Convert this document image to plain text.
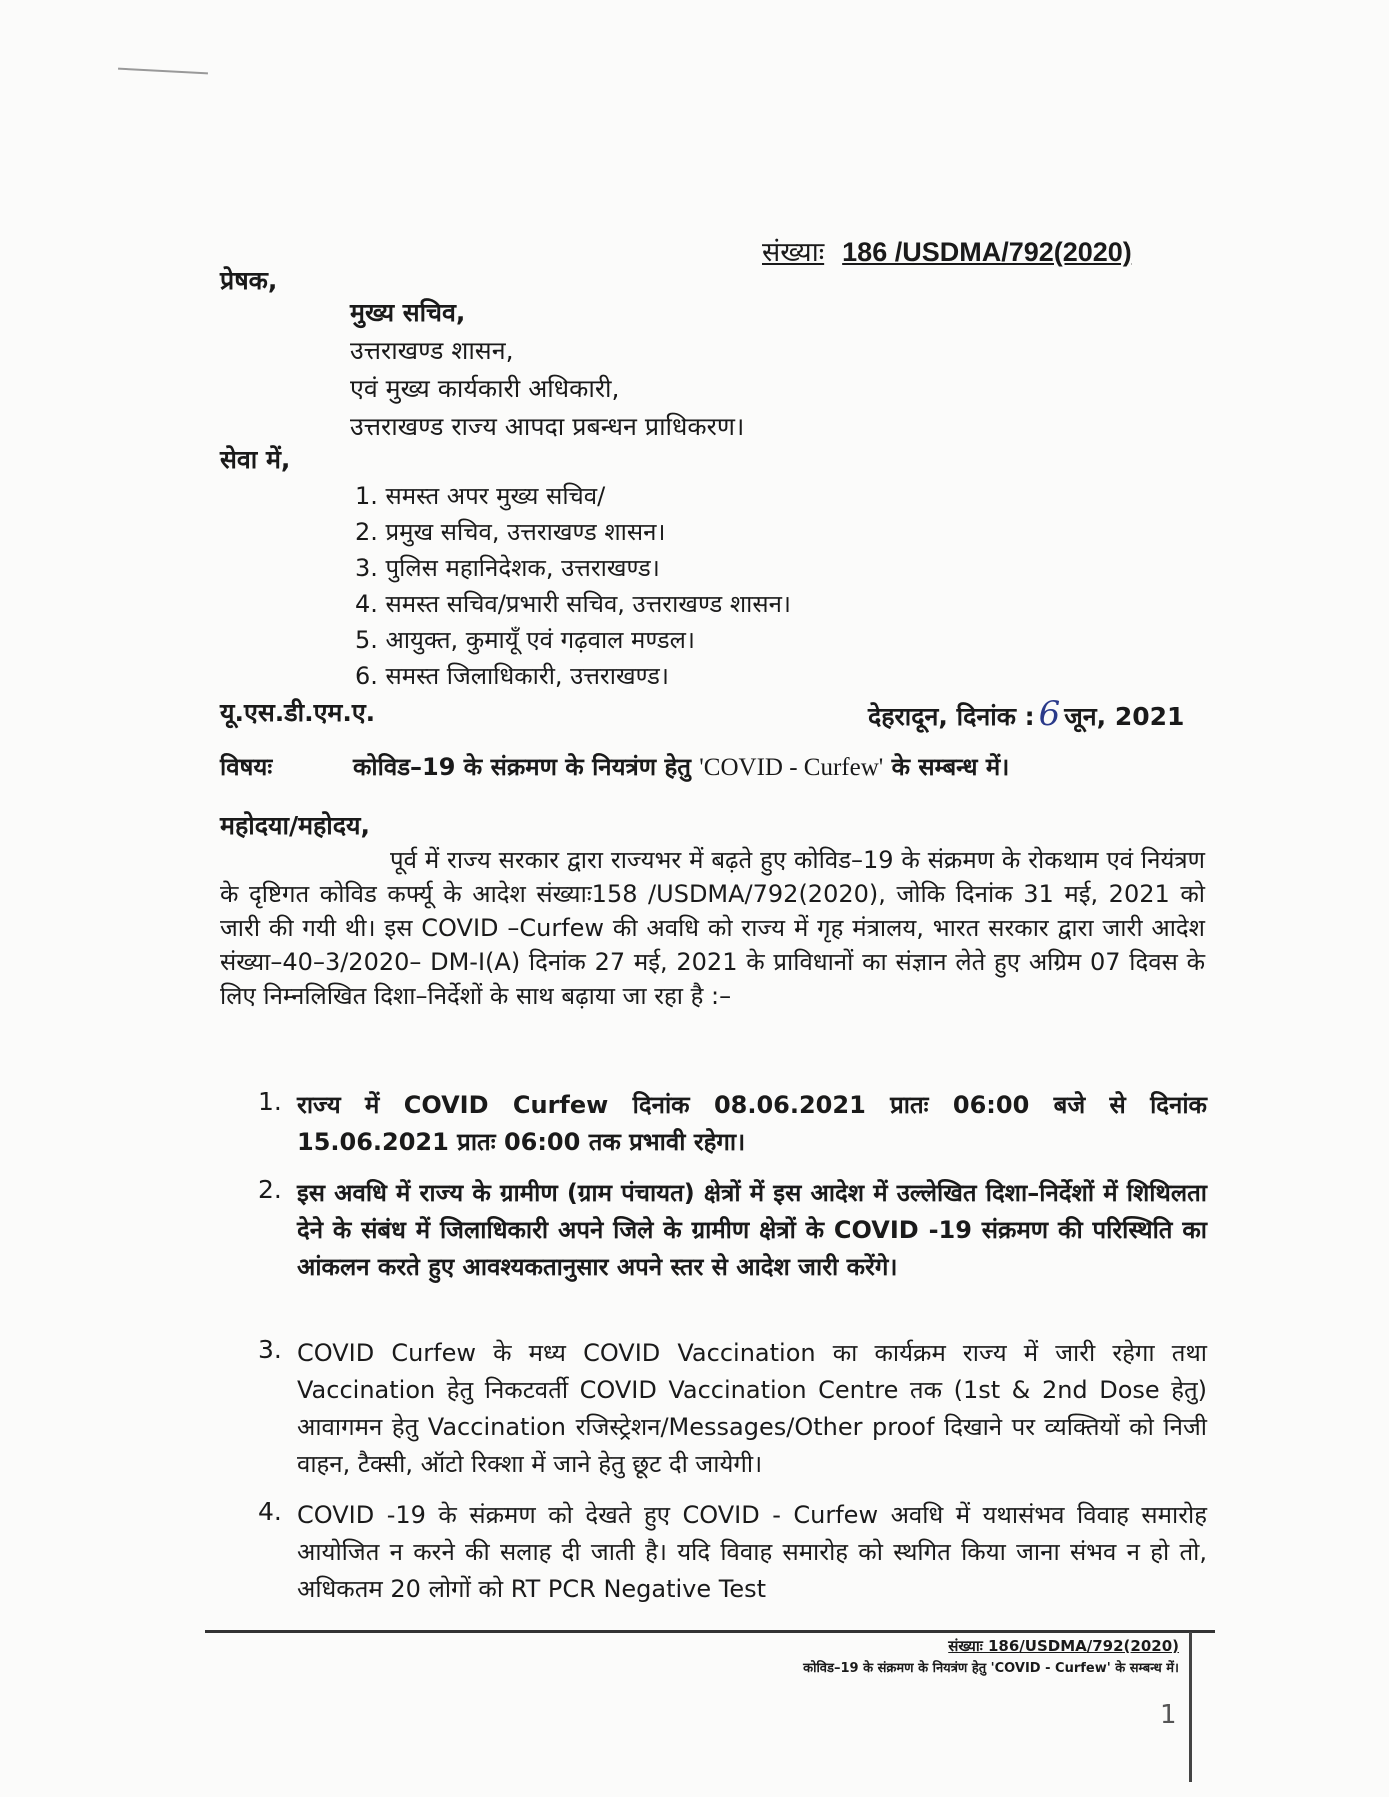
संख्याः 186 /USDMA/792(2020)
प्रेषक,
मुख्य सचिव,
उत्तराखण्ड शासन,
एवं मुख्य कार्यकारी अधिकारी,
उत्तराखण्ड राज्य आपदा प्रबन्धन प्राधिकरण।
सेवा में,
1. समस्त अपर मुख्य सचिव/
2. प्रमुख सचिव, उत्तराखण्ड शासन।
3. पुलिस महानिदेशक, उत्तराखण्ड।
4. समस्त सचिव/प्रभारी सचिव, उत्तराखण्ड शासन।
5. आयुक्त, कुमायूँ एवं गढ़वाल मण्डल।
6. समस्त जिलाधिकारी, उत्तराखण्ड।
यू.एस.डी.एम.ए.	देहरादून, दिनांक : 6 जून, 2021
विषयः	कोविड–19 के संक्रमण के नियत्रंण हेतु 'COVID - Curfew' के सम्बन्ध में।
महोदया/महोदय,
पूर्व में राज्य सरकार द्वारा राज्यभर में बढ़ते हुए कोविड–19 के संक्रमण के रोकथाम एवं नियंत्रण के दृष्टिगत कोविड कर्फ्यू के आदेश संख्याः158 /USDMA/792(2020), जोकि दिनांक 31 मई, 2021 को जारी की गयी थी। इस COVID –Curfew की अवधि को राज्य में गृह मंत्रालय, भारत सरकार द्वारा जारी आदेश संख्या–40–3/2020– DM-I(A) दिनांक 27 मई, 2021 के प्राविधानों का संज्ञान लेते हुए अग्रिम 07 दिवस के लिए निम्नलिखित दिशा–निर्देशों के साथ बढ़ाया जा रहा है :–
1. राज्य में COVID Curfew दिनांक 08.06.2021 प्रातः 06:00 बजे से दिनांक 15.06.2021 प्रातः 06:00 तक प्रभावी रहेगा।
2. इस अवधि में राज्य के ग्रामीण (ग्राम पंचायत) क्षेत्रों में इस आदेश में उल्लेखित दिशा–निर्देशों में शिथिलता देने के संबंध में जिलाधिकारी अपने जिले के ग्रामीण क्षेत्रों के COVID -19 संक्रमण की परिस्थिति का आंकलन करते हुए आवश्यकतानुसार अपने स्तर से आदेश जारी करेंगे।
3. COVID Curfew के मध्य COVID Vaccination का कार्यक्रम राज्य में जारी रहेगा तथा Vaccination हेतु निकटवर्ती COVID Vaccination Centre तक (1st & 2nd Dose हेतु) आवागमन हेतु Vaccination रजिस्ट्रेशन/Messages/Other proof दिखाने पर व्यक्तियों को निजी वाहन, टैक्सी, ऑटो रिक्शा में जाने हेतु छूट दी जायेगी।
4. COVID -19 के संक्रमण को देखते हुए COVID - Curfew अवधि में यथासंभव विवाह समारोह आयोजित न करने की सलाह दी जाती है। यदि विवाह समारोह को स्थगित किया जाना संभव न हो तो, अधिकतम 20 लोगों को RT PCR Negative Test
संख्याः 186/USDMA/792(2020)
कोविड–19 के संक्रमण के नियत्रंण हेतु 'COVID - Curfew' के सम्बन्ध में।
1
